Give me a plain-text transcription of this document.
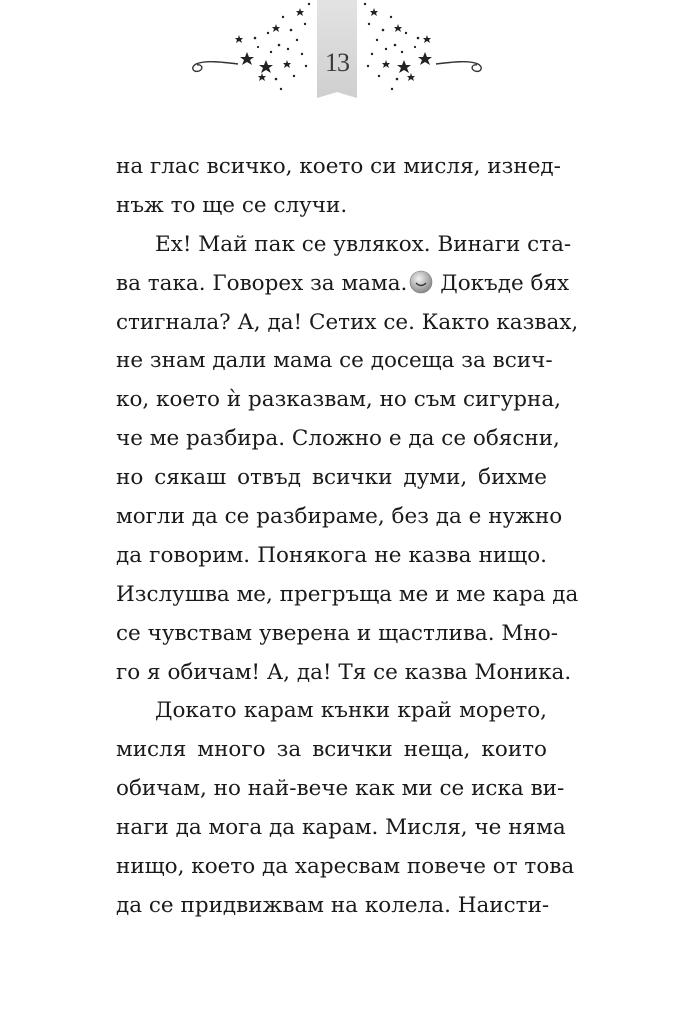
13
на глас всичко, което си мисля, изнед-
нъж то ще се случи.
Ех! Май пак се увлякох. Винаги ста-
ва така. Говорех за мама. Докъде бях
стигнала? А, да! Сетих се. Както казвах,
не знам дали мама се досеща за всич-
ко, което ѝ разказвам, но съм сигурна,
че ме разбира. Сложно е да се обясни,
но сякаш отвъд всички думи, бихме
могли да се разбираме, без да е нужно
да говорим. Понякога не казва нищо.
Изслушва ме, прегръща ме и ме кара да
се чувствам уверена и щастлива. Мно-
го я обичам! А, да! Тя се казва Моника.
Докато карам кънки край морето,
мисля много за всички неща, които
обичам, но най-вече как ми се иска ви-
наги да мога да карам. Мисля, че няма
нищо, което да харесвам повече от това
да се придвижвам на колела. Наисти-
